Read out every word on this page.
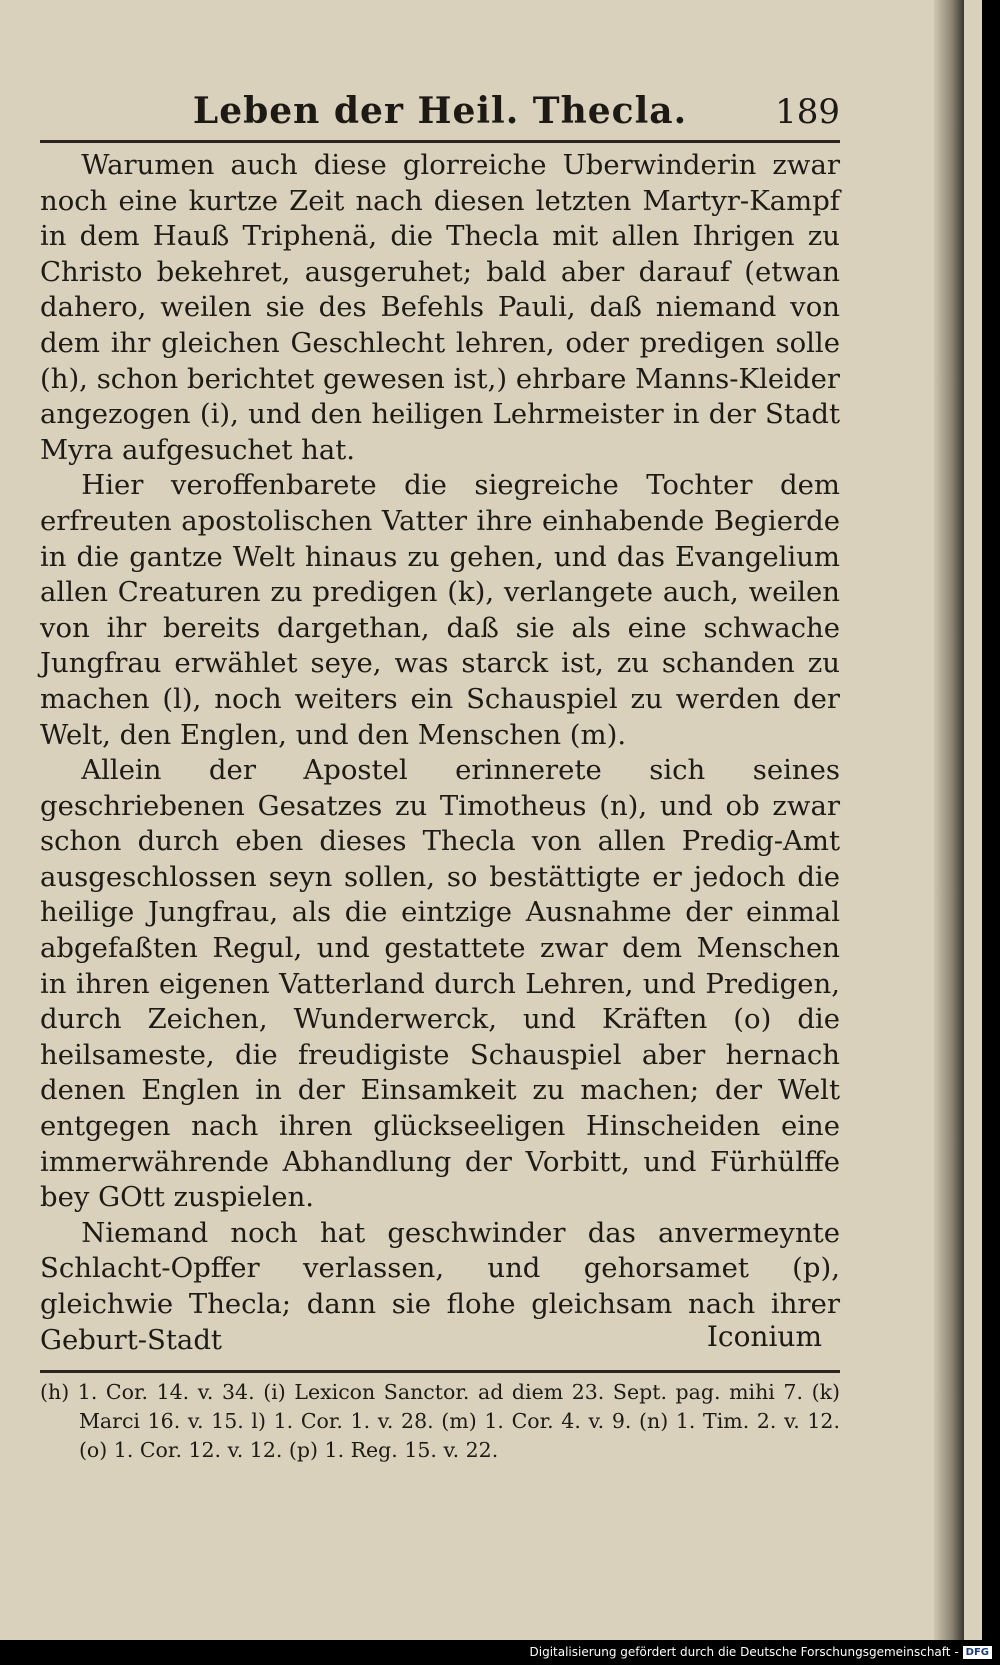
Leben der Heil. Thecla.	189

Warumen auch diese glorreiche Uberwinderin zwar noch eine kurtze Zeit nach diesen letzten Martyr-Kampf in dem Hauß Triphenä, die Thecla mit allen Ihrigen zu Christo bekehret, ausgeruhet; bald aber darauf (etwan dahero, weilen sie des Befehls Pauli, daß niemand von dem ihr gleichen Geschlecht lehren, oder predigen solle (h), schon berichtet gewesen ist,) ehrbare Manns-Kleider angezogen (i), und den heiligen Lehrmeister in der Stadt Myra aufgesuchet hat.

Hier veroffenbarete die siegreiche Tochter dem erfreuten apostolischen Vatter ihre einhabende Begierde in die gantze Welt hinaus zu gehen, und das Evangelium allen Creaturen zu predigen (k), verlangete auch, weilen von ihr bereits dargethan, daß sie als eine schwache Jungfrau erwählet seye, was starck ist, zu schanden zu machen (l), noch weiters ein Schauspiel zu werden der Welt, den Englen, und den Menschen (m).

Allein der Apostel erinnerete sich seines geschriebenen Gesatzes zu Timotheus (n), und ob zwar schon durch eben dieses Thecla von allen Predig-Amt ausgeschlossen seyn sollen, so bestättigte er jedoch die heilige Jungfrau, als die eintzige Ausnahme der einmal abgefaßten Regul, und gestattete zwar dem Menschen in ihren eigenen Vatterland durch Lehren, und Predigen, durch Zeichen, Wunderwerck, und Kräften (o) die heilsameste, die freudigiste Schauspiel aber hernach denen Englen in der Einsamkeit zu machen; der Welt entgegen nach ihren glückseeligen Hinscheiden eine immerwährende Abhandlung der Vorbitt, und Fürhülffe bey GOtt zuspielen.

Niemand noch hat geschwinder das anvermeynte Schlacht-Opffer verlassen, und gehorsamet (p), gleichwie Thecla; dann sie flohe gleichsam nach ihrer Geburt-Stadt	Iconium

(h) 1. Cor. 14. v. 34. (i) Lexicon Sanctor. ad diem 23. Sept. pag. mihi 7. (k) Marci 16. v. 15. l) 1. Cor. 1. v. 28. (m) 1. Cor. 4. v. 9. (n) 1. Tim. 2. v. 12. (o) 1. Cor. 12. v. 12. (p) 1. Reg. 15. v. 22.

Digitalisierung gefördert durch die Deutsche Forschungsgemeinschaft - DFG
